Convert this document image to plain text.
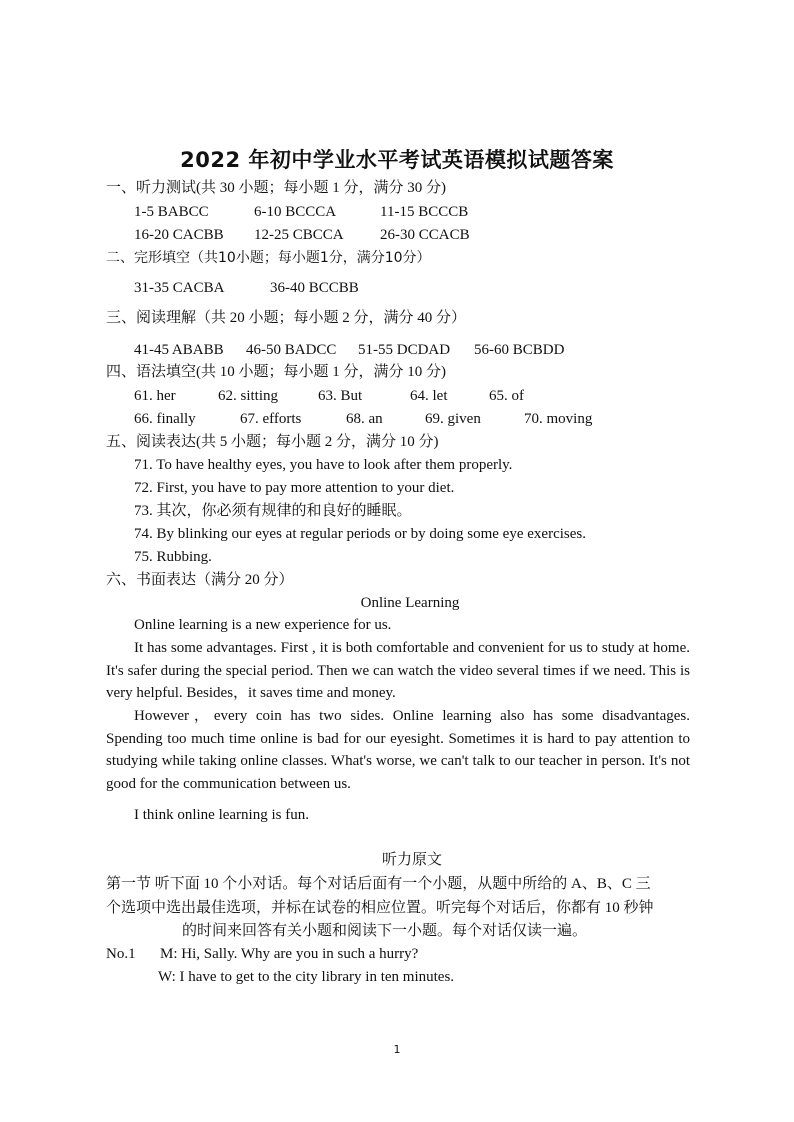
2022 年初中学业水平考试英语模拟试题答案
一、听力测试(共 30 小题；每小题 1 分，满分 30 分)
1-5 BABCC	6-10 BCCCA	11-15 BCCCB
16-20 CACBB 12-25 CBCCA 26-30 CCACB
二、完形填空（共10小题；每小题1分，满分10分）
31-35 CACBA	36-40 BCCBB
三、阅读理解（共 20 小题；每小题 2 分，满分 40 分）
41-45 ABABB 46-50 BADCC 51-55 DCDAD 56-60 BCBDD
四、语法填空(共 10 小题；每小题 1 分，满分 10 分)
61. her	62. sitting	63. But	64. let	65. of
66. finally	67. efforts	68. an	69. given	70. moving
五、阅读表达(共 5 小题；每小题 2 分，满分 10 分)
71. To have healthy eyes, you have to look after them properly.
72. First, you have to pay more attention to your diet.
73. 其次，你必须有规律的和良好的睡眠。
74. By blinking our eyes at regular periods or by doing some eye exercises.
75. Rubbing.
六、书面表达（满分 20 分）
Online Learning
Online learning is a new experience for us.
It has some advantages. First , it is both comfortable and convenient for us to study at home. It's safer during the special period. Then we can watch the video several times if we need. This is very helpful. Besides，it saves time and money.
However，every coin has two sides. Online learning also has some disadvantages. Spending too much time online is bad for our eyesight. Sometimes it is hard to pay attention to studying while taking online classes. What's worse, we can't talk to our teacher in person. It's not good for the communication between us.
I think online learning is fun.
听力原文
第一节 听下面 10 个小对话。每个对话后面有一个小题，从题中所给的 A、B、C 三
个选项中选出最佳选项，并标在试卷的相应位置。听完每个对话后，你都有 10 秒钟
的时间来回答有关小题和阅读下一小题。每个对话仅读一遍。
No.1 M: Hi, Sally. Why are you in such a hurry?
W: I have to get to the city library in ten minutes.
1
